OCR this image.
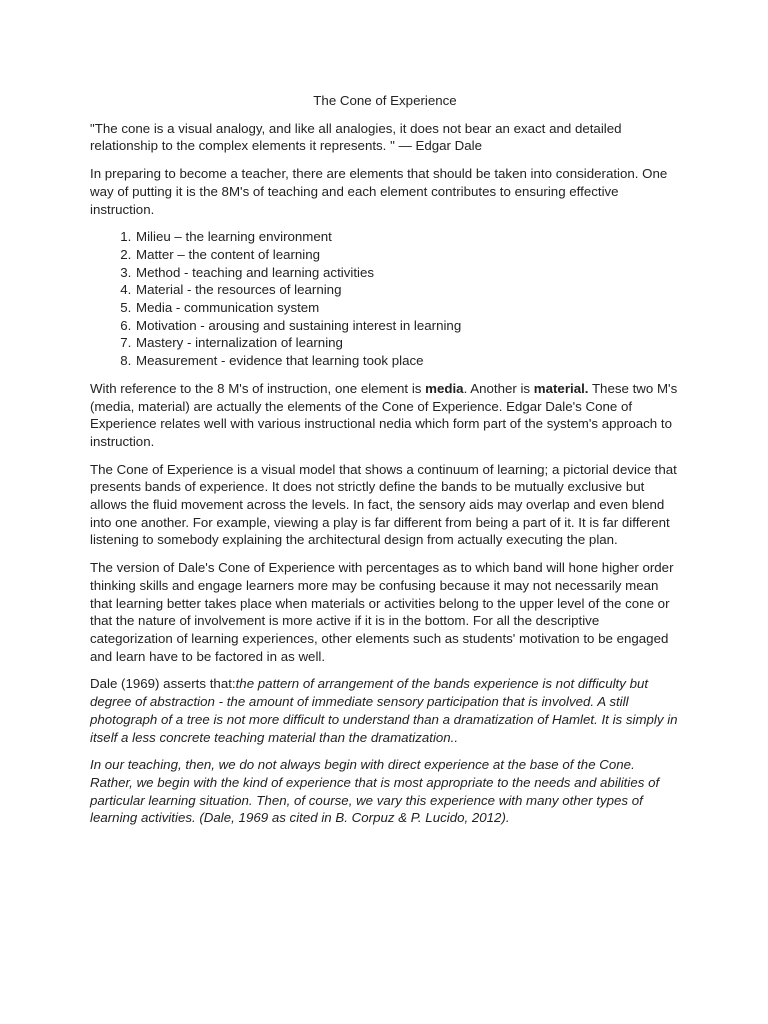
The Cone of Experience

"The cone is a visual analogy, and like all analogies, it does not bear an exact and detailed relationship to the complex elements it represents. " — Edgar Dale

In preparing to become a teacher, there are elements that should be taken into consideration. One way of putting it is the 8M's of teaching and each element contributes to ensuring effective instruction.

1. Milieu – the learning environment
2. Matter – the content of learning
3. Method - teaching and learning activities
4. Material - the resources of learning
5. Media - communication system
6. Motivation - arousing and sustaining interest in learning
7. Mastery - internalization of learning
8. Measurement - evidence that learning took place

With reference to the 8 M's of instruction, one element is media. Another is material. These two M's (media, material) are actually the elements of the Cone of Experience. Edgar Dale's Cone of Experience relates well with various instructional nedia which form part of the system's approach to instruction.

The Cone of Experience is a visual model that shows a continuum of learning; a pictorial device that presents bands of experience. It does not strictly define the bands to be mutually exclusive but allows the fluid movement across the levels. In fact, the sensory aids may overlap and even blend into one another. For example, viewing a play is far different from being a part of it. It is far different listening to somebody explaining the architectural design from actually executing the plan.

The version of Dale's Cone of Experience with percentages as to which band will hone higher order thinking skills and engage learners more may be confusing because it may not necessarily mean that learning better takes place when materials or activities belong to the upper level of the cone or that the nature of involvement is more active if it is in the bottom. For all the descriptive categorization of learning experiences, other elements such as students' motivation to be engaged and learn have to be factored in as well.

Dale (1969) asserts that:the pattern of arrangement of the bands experience is not difficulty but degree of abstraction - the amount of immediate sensory participation that is involved. A still photograph of a tree is not more difficult to understand than a dramatization of Hamlet. It is simply in itself a less concrete teaching material than the dramatization..

In our teaching, then, we do not always begin with direct experience at the base of the Cone. Rather, we begin with the kind of experience that is most appropriate to the needs and abilities of particular learning situation. Then, of course, we vary this experience with many other types of learning activities. (Dale, 1969 as cited in B. Corpuz & P. Lucido, 2012).
